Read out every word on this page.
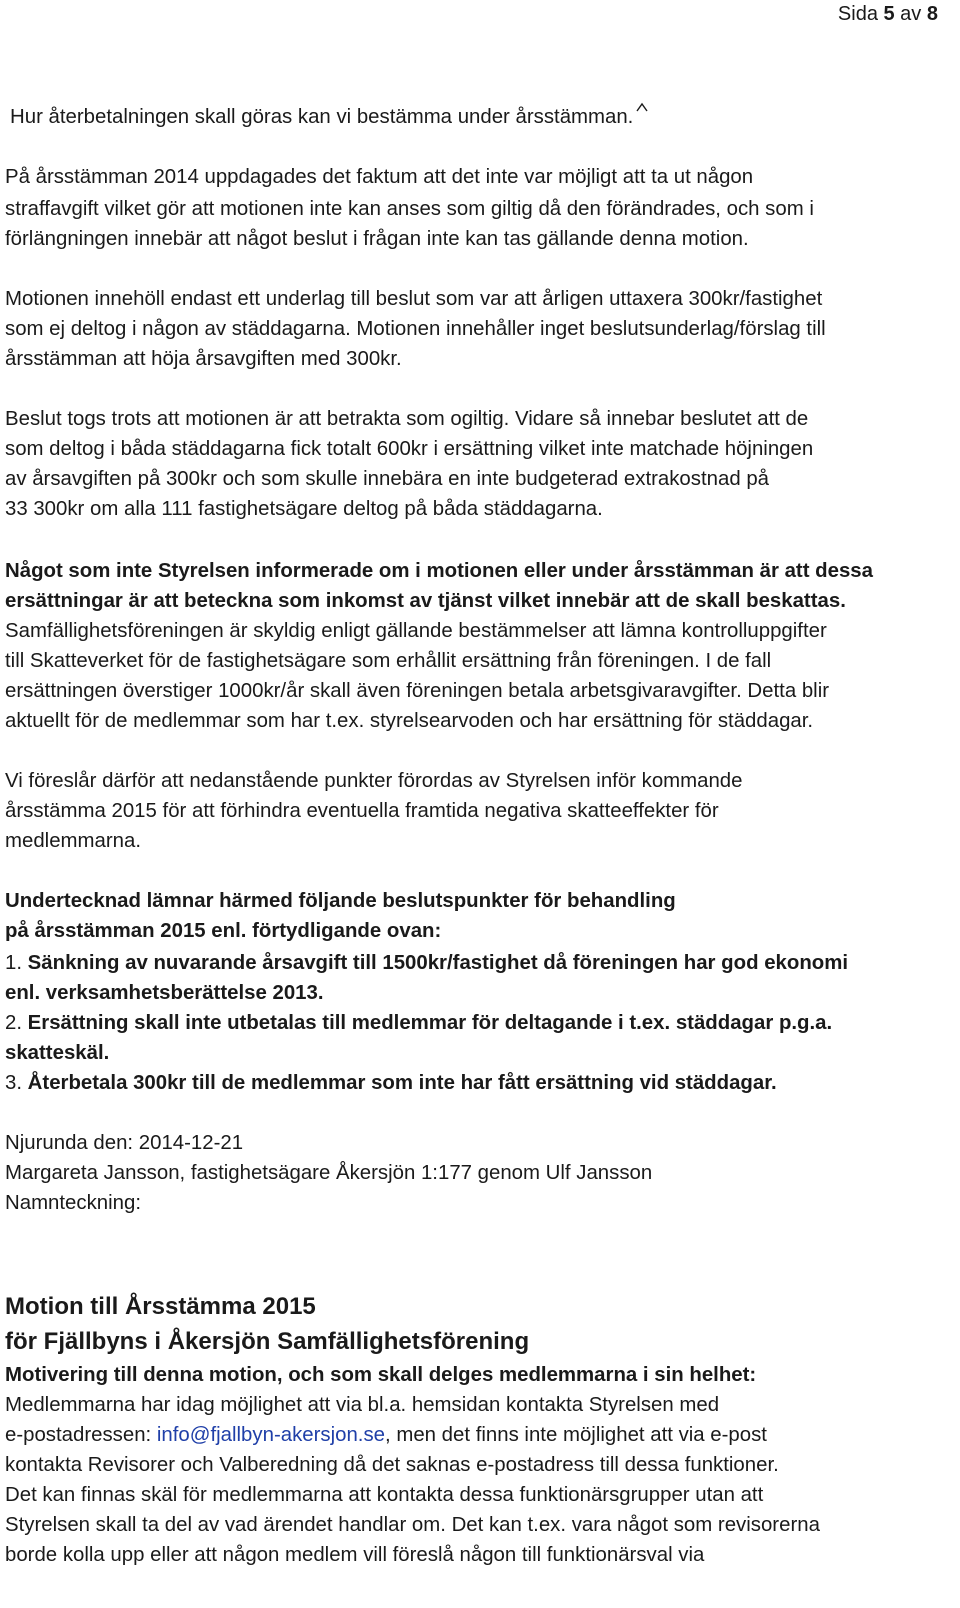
Sida 5 av 8
Hur återbetalningen skall göras kan vi bestämma under årsstämman.
På årsstämman 2014 uppdagades det faktum att det inte var möjligt att ta ut någon
straffavgift vilket gör att motionen inte kan anses som giltig då den förändrades, och som i
förlängningen innebär att något beslut i frågan inte kan tas gällande denna motion.
Motionen innehöll endast ett underlag till beslut som var att årligen uttaxera 300kr/fastighet
som ej deltog i någon av städdagarna. Motionen innehåller inget beslutsunderlag/förslag till
årsstämman att höja årsavgiften med 300kr.
Beslut togs trots att motionen är att betrakta som ogiltig. Vidare så innebar beslutet att de
som deltog i båda städdagarna fick totalt 600kr i ersättning vilket inte matchade höjningen
av årsavgiften på 300kr och som skulle innebära en inte budgeterad extrakostnad på
33 300kr om alla 111 fastighetsägare deltog på båda städdagarna.
Något som inte Styrelsen informerade om i motionen eller under årsstämman är att dessa
ersättningar är att beteckna som inkomst av tjänst vilket innebär att de skall beskattas.
Samfällighetsföreningen är skyldig enligt gällande bestämmelser att lämna kontrolluppgifter
till Skatteverket för de fastighetsägare som erhållit ersättning från föreningen. I de fall
ersättningen överstiger 1000kr/år skall även föreningen betala arbetsgivaravgifter. Detta blir
aktuellt för de medlemmar som har t.ex. styrelsearvoden och har ersättning för städdagar.
Vi föreslår därför att nedanstående punkter förordas av Styrelsen inför kommande
årsstämma 2015 för att förhindra eventuella framtida negativa skatteeffekter för
medlemmarna.
Undertecknad lämnar härmed följande beslutspunkter för behandling
på årsstämman 2015 enl. förtydligande ovan:
1. Sänkning av nuvarande årsavgift till 1500kr/fastighet då föreningen har god ekonomi
enl. verksamhetsberättelse 2013.
2. Ersättning skall inte utbetalas till medlemmar för deltagande i t.ex. städdagar p.g.a.
skatteskäl.
3. Återbetala 300kr till de medlemmar som inte har fått ersättning vid städdagar.
Njurunda den: 2014-12-21
Margareta Jansson, fastighetsägare Åkersjön 1:177 genom Ulf Jansson
Namnteckning:
Motion till Årsstämma 2015
för Fjällbyns i Åkersjön Samfällighetsförening
Motivering till denna motion, och som skall delges medlemmarna i sin helhet:
Medlemmarna har idag möjlighet att via bl.a. hemsidan kontakta Styrelsen med
e-postadressen: info@fjallbyn-akersjon.se, men det finns inte möjlighet att via e-post
kontakta Revisorer och Valberedning då det saknas e-postadress till dessa funktioner.
Det kan finnas skäl för medlemmarna att kontakta dessa funktionärsgrupper utan att
Styrelsen skall ta del av vad ärendet handlar om. Det kan t.ex. vara något som revisorerna
borde kolla upp eller att någon medlem vill föreslå någon till funktionärsval via
